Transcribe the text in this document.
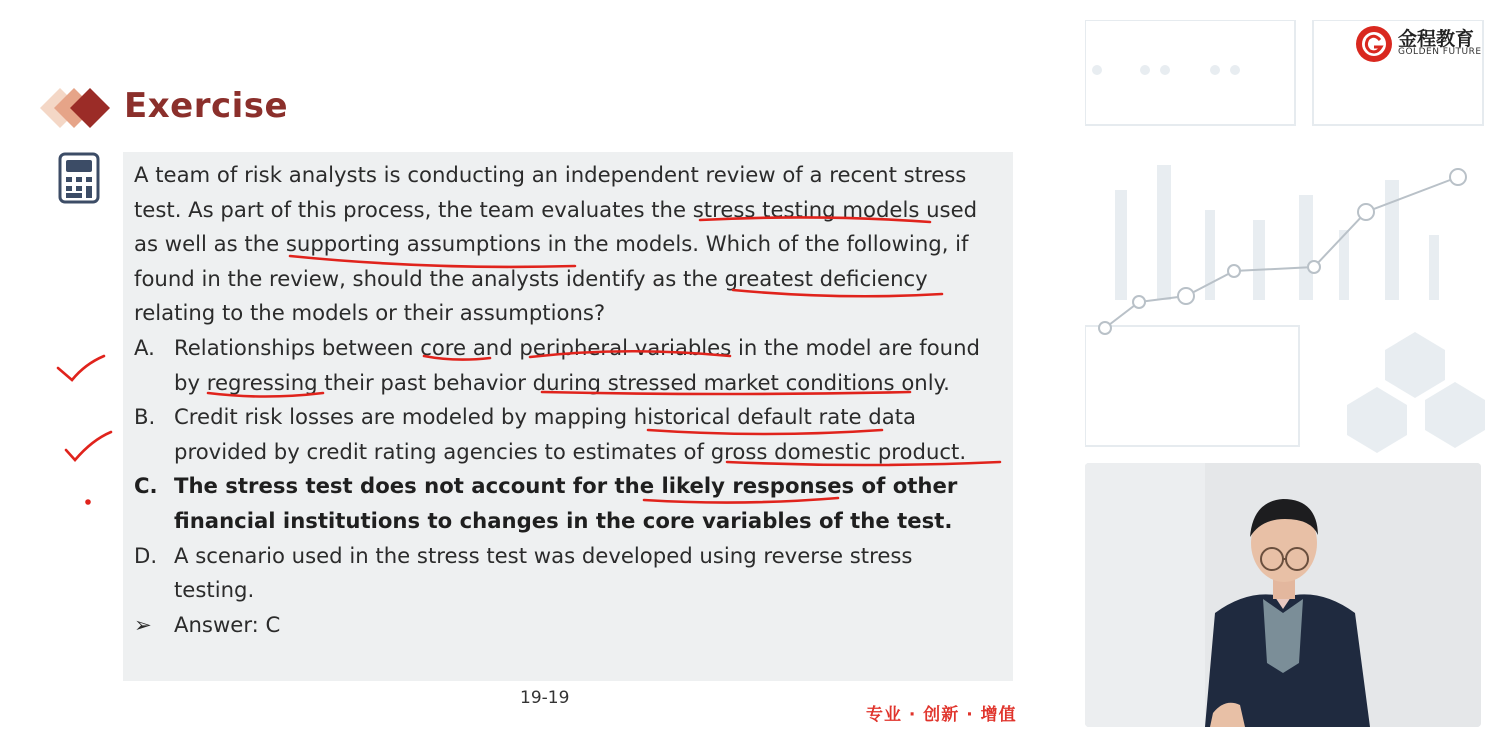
Exercise

A team of risk analysts is conducting an independent review of a recent stress

test. As part of this process, the team evaluates the stress testing models used

as well as the supporting assumptions in the models. Which of the following, if

found in the review, should the analysts identify as the greatest deficiency

relating to the models or their assumptions?

A. Relationships between core and peripheral variables in the model are found
by regressing their past behavior during stressed market conditions only.
B. Credit risk losses are modeled by mapping historical default rate data
provided by credit rating agencies to estimates of gross domestic product.
C. The stress test does not account for the likely responses of other
financial institutions to changes in the core variables of the test.
D. A scenario used in the stress test was developed using reverse stress
testing.
➢	Answer: C
19-19
专业 · 创新 · 增值
金程教育
GOLDEN FUTURE
